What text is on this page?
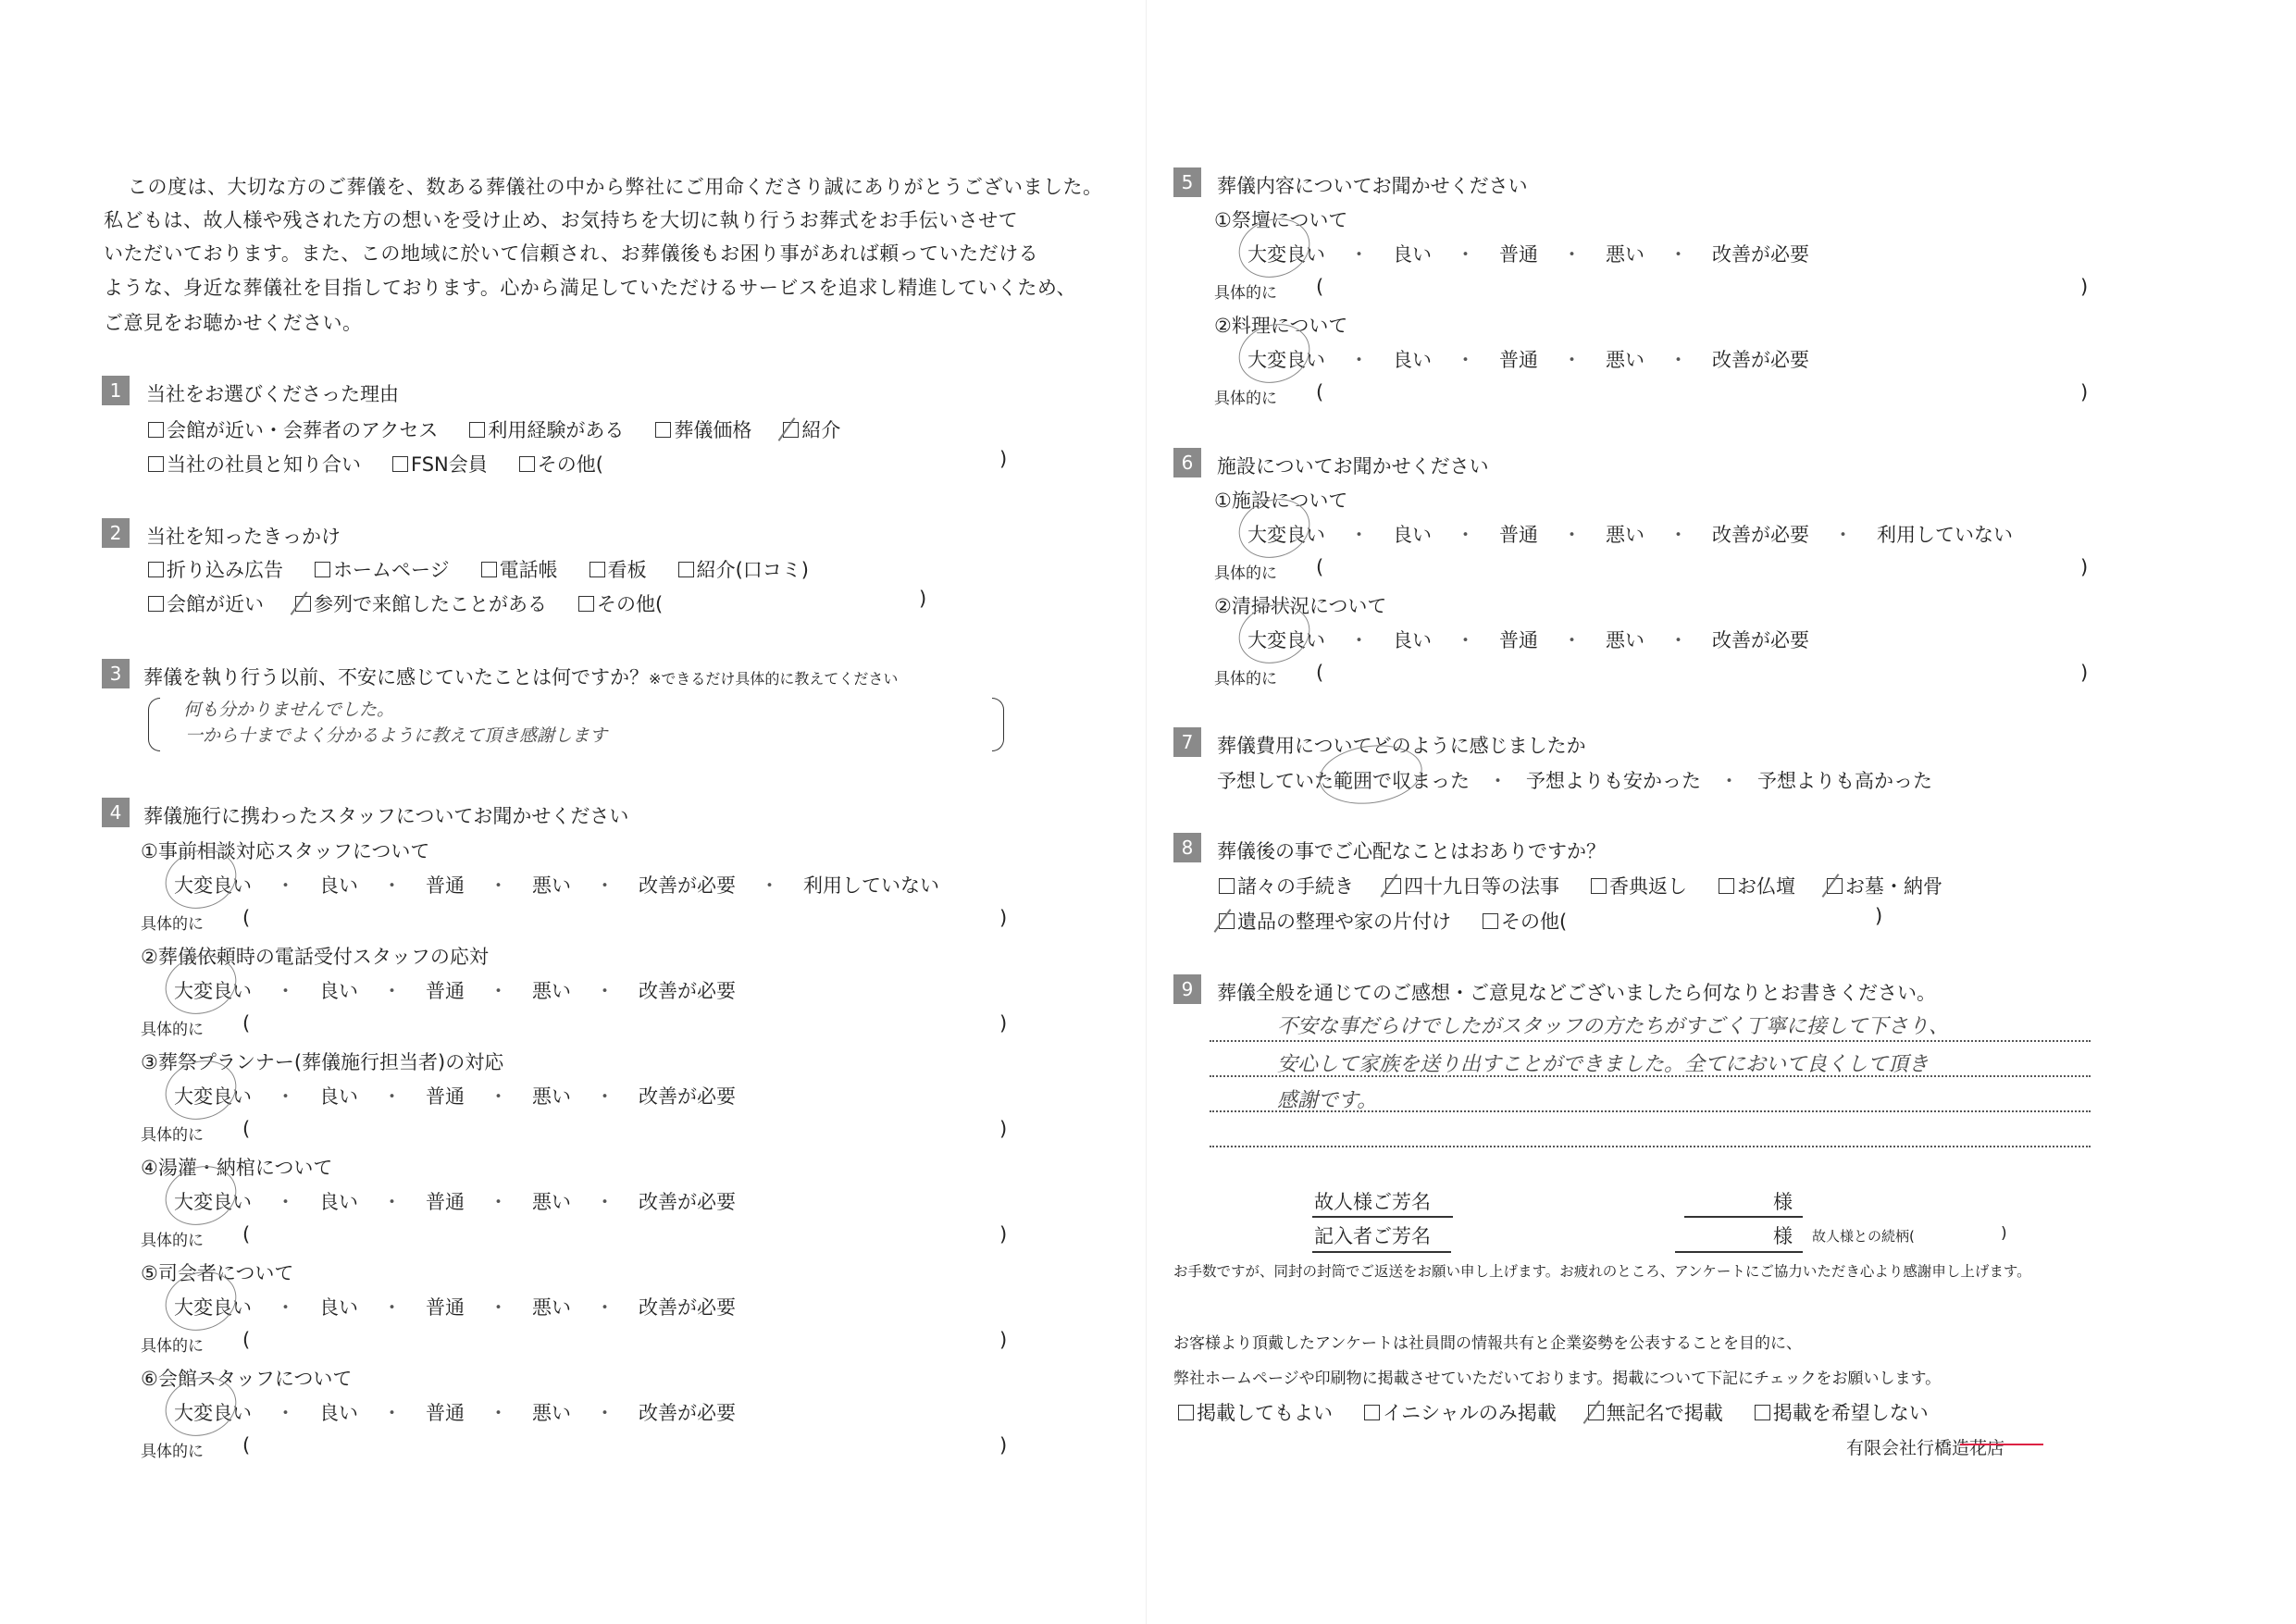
この度は、大切な方のご葬儀を、数ある葬儀社の中から弊社にご用命くださり誠にありがとうございました。
私どもは、故人様や残された方の想いを受け止め、お気持ちを大切に執り行うお葬式をお手伝いさせて
いただいております。また、この地域に於いて信頼され、お葬儀後もお困り事があれば頼っていただける
ような、身近な葬儀社を目指しております。心から満足していただけるサービスを追求し精進していくため、
ご意見をお聴かせください。
1	当社をお選びくださった理由
会館が近い・会葬者のアクセス	利用経験がある	葬儀価格	紹介
当社の社員と知り合い	FSN会員	その他(	)
2	当社を知ったきっかけ
折り込み広告	ホームページ	電話帳	看板	紹介(口コミ)
会館が近い	参列で来館したことがある	その他(	)
3	葬儀を執り行う以前、不安に感じていたことは何ですか？※できるだけ具体的に教えてください
何も分かりませんでした。
一から十までよく分かるように教えて頂き感謝します
4	葬儀施行に携わったスタッフについてお聞かせください
①事前相談対応スタッフについて
大変良い ・ 良い ・ 普通 ・ 悪い ・ 改善が必要 ・ 利用していない
具体的に (	)
②葬儀依頼時の電話受付スタッフの応対
大変良い ・ 良い ・ 普通 ・ 悪い ・ 改善が必要
具体的に (	)
③葬祭プランナー(葬儀施行担当者)の対応
大変良い ・ 良い ・ 普通 ・ 悪い ・ 改善が必要
具体的に (	)
④湯灌・納棺について
大変良い ・ 良い ・ 普通 ・ 悪い ・ 改善が必要
具体的に (	)
⑤司会者について
大変良い ・ 良い ・ 普通 ・ 悪い ・ 改善が必要
具体的に (	)
⑥会館スタッフについて
大変良い ・ 良い ・ 普通 ・ 悪い ・ 改善が必要
具体的に (	)
5	葬儀内容についてお聞かせください
①祭壇について
大変良い ・ 良い ・ 普通 ・ 悪い ・ 改善が必要
具体的に (	)
②料理について
大変良い ・ 良い ・ 普通 ・ 悪い ・ 改善が必要
具体的に (	)
6	施設についてお聞かせください
①施設について
大変良い ・ 良い ・ 普通 ・ 悪い ・ 改善が必要 ・ 利用していない
具体的に (	)
②清掃状況について
大変良い ・ 良い ・ 普通 ・ 悪い ・ 改善が必要
具体的に (	)
7	葬儀費用についてどのように感じましたか
予想していた範囲で収まった ・ 予想よりも安かった ・ 予想よりも高かった
8	葬儀後の事でご心配なことはおありですか？
諸々の手続き	四十九日等の法事	香典返し	お仏壇	お墓・納骨
遺品の整理や家の片付け	その他(	)
9	葬儀全般を通じてのご感想・ご意見などございましたら何なりとお書きください。
不安な事だらけでしたがスタッフの方たちがすごく丁寧に接して下さり、
安心して家族を送り出すことができました。全てにおいて良くして頂き
感謝です。
故人様ご芳名	様
記入者ご芳名	様 故人様との続柄(	)
お手数ですが、同封の封筒でご返送をお願い申し上げます。お疲れのところ、アンケートにご協力いただき心より感謝申し上げます。
お客様より頂戴したアンケートは社員間の情報共有と企業姿勢を公表することを目的に、
弊社ホームページや印刷物に掲載させていただいております。掲載について下記にチェックをお願いします。
掲載してもよい	イニシャルのみ掲載	無記名で掲載	掲載を希望しない
有限会社行橋造花店
